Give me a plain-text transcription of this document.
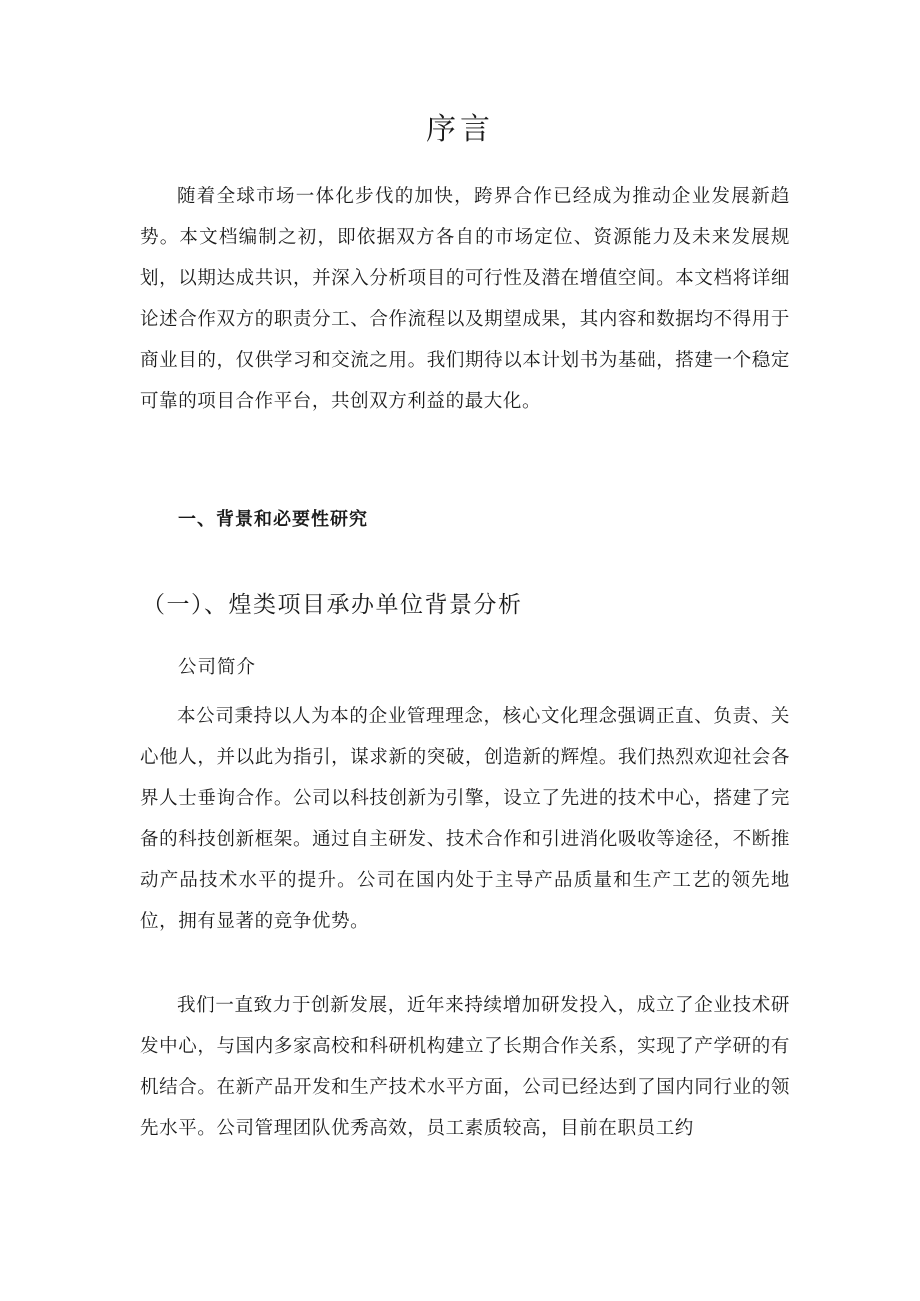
序言

随着全球市场一体化步伐的加快，跨界合作已经成为推动企业发展新趋势。本文档编制之初，即依据双方各自的市场定位、资源能力及未来发展规划，以期达成共识，并深入分析项目的可行性及潜在增值空间。本文档将详细论述合作双方的职责分工、合作流程以及期望成果，其内容和数据均不得用于商业目的，仅供学习和交流之用。我们期待以本计划书为基础，搭建一个稳定可靠的项目合作平台，共创双方利益的最大化。

一、背景和必要性研究
（一）、煌类项目承办单位背景分析
公司简介

本公司秉持以人为本的企业管理理念，核心文化理念强调正直、负责、关心他人，并以此为指引，谋求新的突破，创造新的辉煌。我们热烈欢迎社会各界人士垂询合作。公司以科技创新为引擎，设立了先进的技术中心，搭建了完备的科技创新框架。通过自主研发、技术合作和引进消化吸收等途径，不断推动产品技术水平的提升。公司在国内处于主导产品质量和生产工艺的领先地位，拥有显著的竞争优势。

我们一直致力于创新发展，近年来持续增加研发投入，成立了企业技术研发中心，与国内多家高校和科研机构建立了长期合作关系，实现了产学研的有机结合。在新产品开发和生产技术水平方面，公司已经达到了国内同行业的领先水平。公司管理团队优秀高效，员工素质较高，目前在职员工约
